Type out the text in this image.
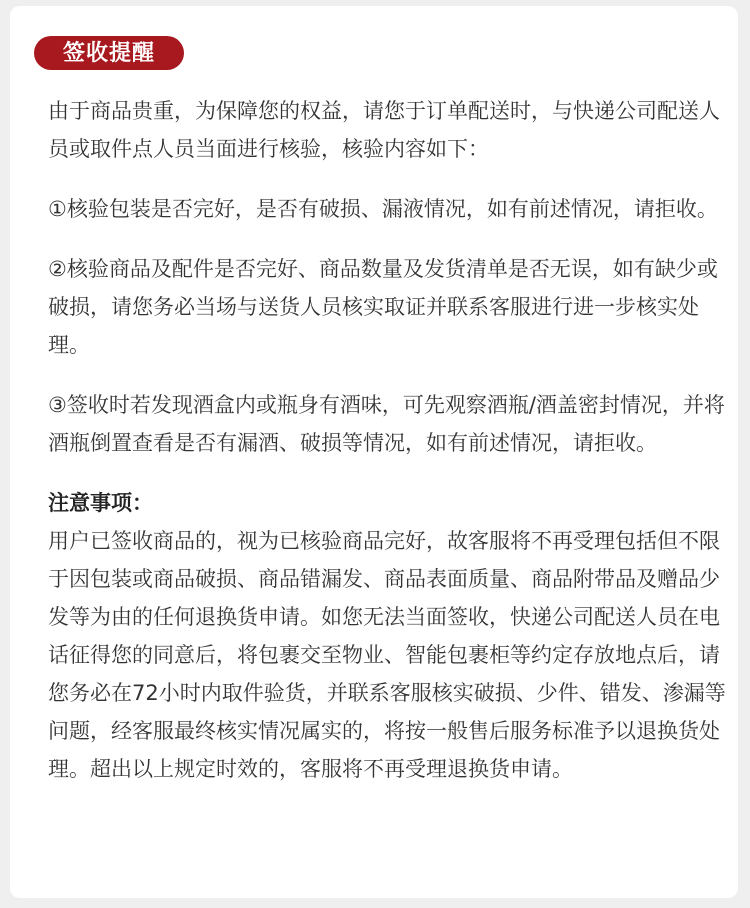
签收提醒

由于商品贵重，为保障您的权益，请您于订单配送时，与快递公司配送人员或取件点人员当面进行核验，核验内容如下：

①核验包装是否完好，是否有破损、漏液情况，如有前述情况，请拒收。

②核验商品及配件是否完好、商品数量及发货清单是否无误，如有缺少或破损，请您务必当场与送货人员核实取证并联系客服进行进一步核实处理。

③签收时若发现酒盒内或瓶身有酒味，可先观察酒瓶/酒盖密封情况，并将酒瓶倒置查看是否有漏酒、破损等情况，如有前述情况，请拒收。

注意事项：

用户已签收商品的，视为已核验商品完好，故客服将不再受理包括但不限于因包装或商品破损、商品错漏发、商品表面质量、商品附带品及赠品少发等为由的任何退换货申请。如您无法当面签收，快递公司配送人员在电话征得您的同意后，将包裹交至物业、智能包裹柜等约定存放地点后，请您务必在72小时内取件验货，并联系客服核实破损、少件、错发、渗漏等问题，经客服最终核实情况属实的，将按一般售后服务标准予以退换货处理。超出以上规定时效的，客服将不再受理退换货申请。
